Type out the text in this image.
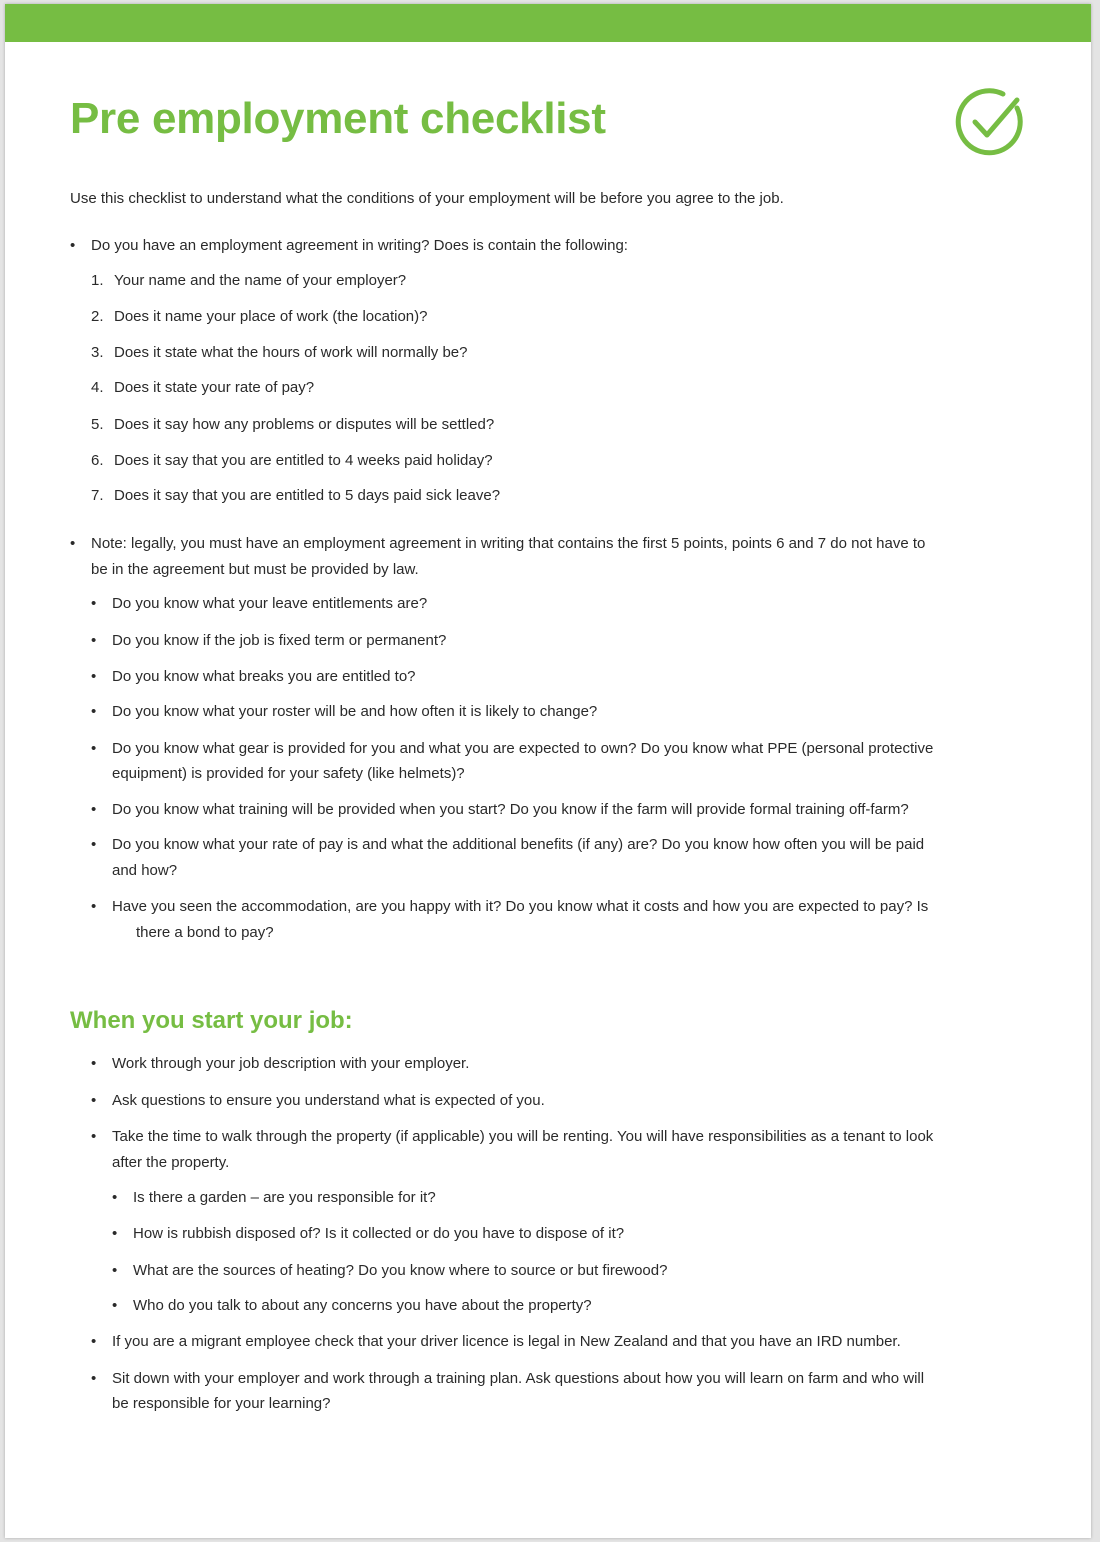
Pre employment checklist

Use this checklist to understand what the conditions of your employment will be before you agree to the job.

• Do you have an employment agreement in writing? Does is contain the following:

1. Your name and the name of your employer?

2. Does it name your place of work (the location)?

3. Does it state what the hours of work will normally be?

4. Does it state your rate of pay?

5. Does it say how any problems or disputes will be settled?

6. Does it say that you are entitled to 4 weeks paid holiday?

7. Does it say that you are entitled to 5 days paid sick leave?

• Note: legally, you must have an employment agreement in writing that contains the first 5 points, points 6 and 7 do not have to

be in the agreement but must be provided by law.

• Do you know what your leave entitlements are?

• Do you know if the job is fixed term or permanent?

• Do you know what breaks you are entitled to?

• Do you know what your roster will be and how often it is likely to change?

• Do you know what gear is provided for you and what you are expected to own? Do you know what PPE (personal protective

equipment) is provided for your safety (like helmets)?

• Do you know what training will be provided when you start? Do you know if the farm will provide formal training off-farm?

• Do you know what your rate of pay is and what the additional benefits (if any) are? Do you know how often you will be paid

and how?

• Have you seen the accommodation, are you happy with it? Do you know what it costs and how you are expected to pay? Is

there a bond to pay?

When you start your job:
• Work through your job description with your employer.

• Ask questions to ensure you understand what is expected of you.

• Take the time to walk through the property (if applicable) you will be renting. You will have responsibilities as a tenant to look

after the property.

• Is there a garden – are you responsible for it?

• How is rubbish disposed of? Is it collected or do you have to dispose of it?

• What are the sources of heating? Do you know where to source or but firewood?

• Who do you talk to about any concerns you have about the property?

• If you are a migrant employee check that your driver licence is legal in New Zealand and that you have an IRD number.

• Sit down with your employer and work through a training plan. Ask questions about how you will learn on farm and who will

be responsible for your learning?
